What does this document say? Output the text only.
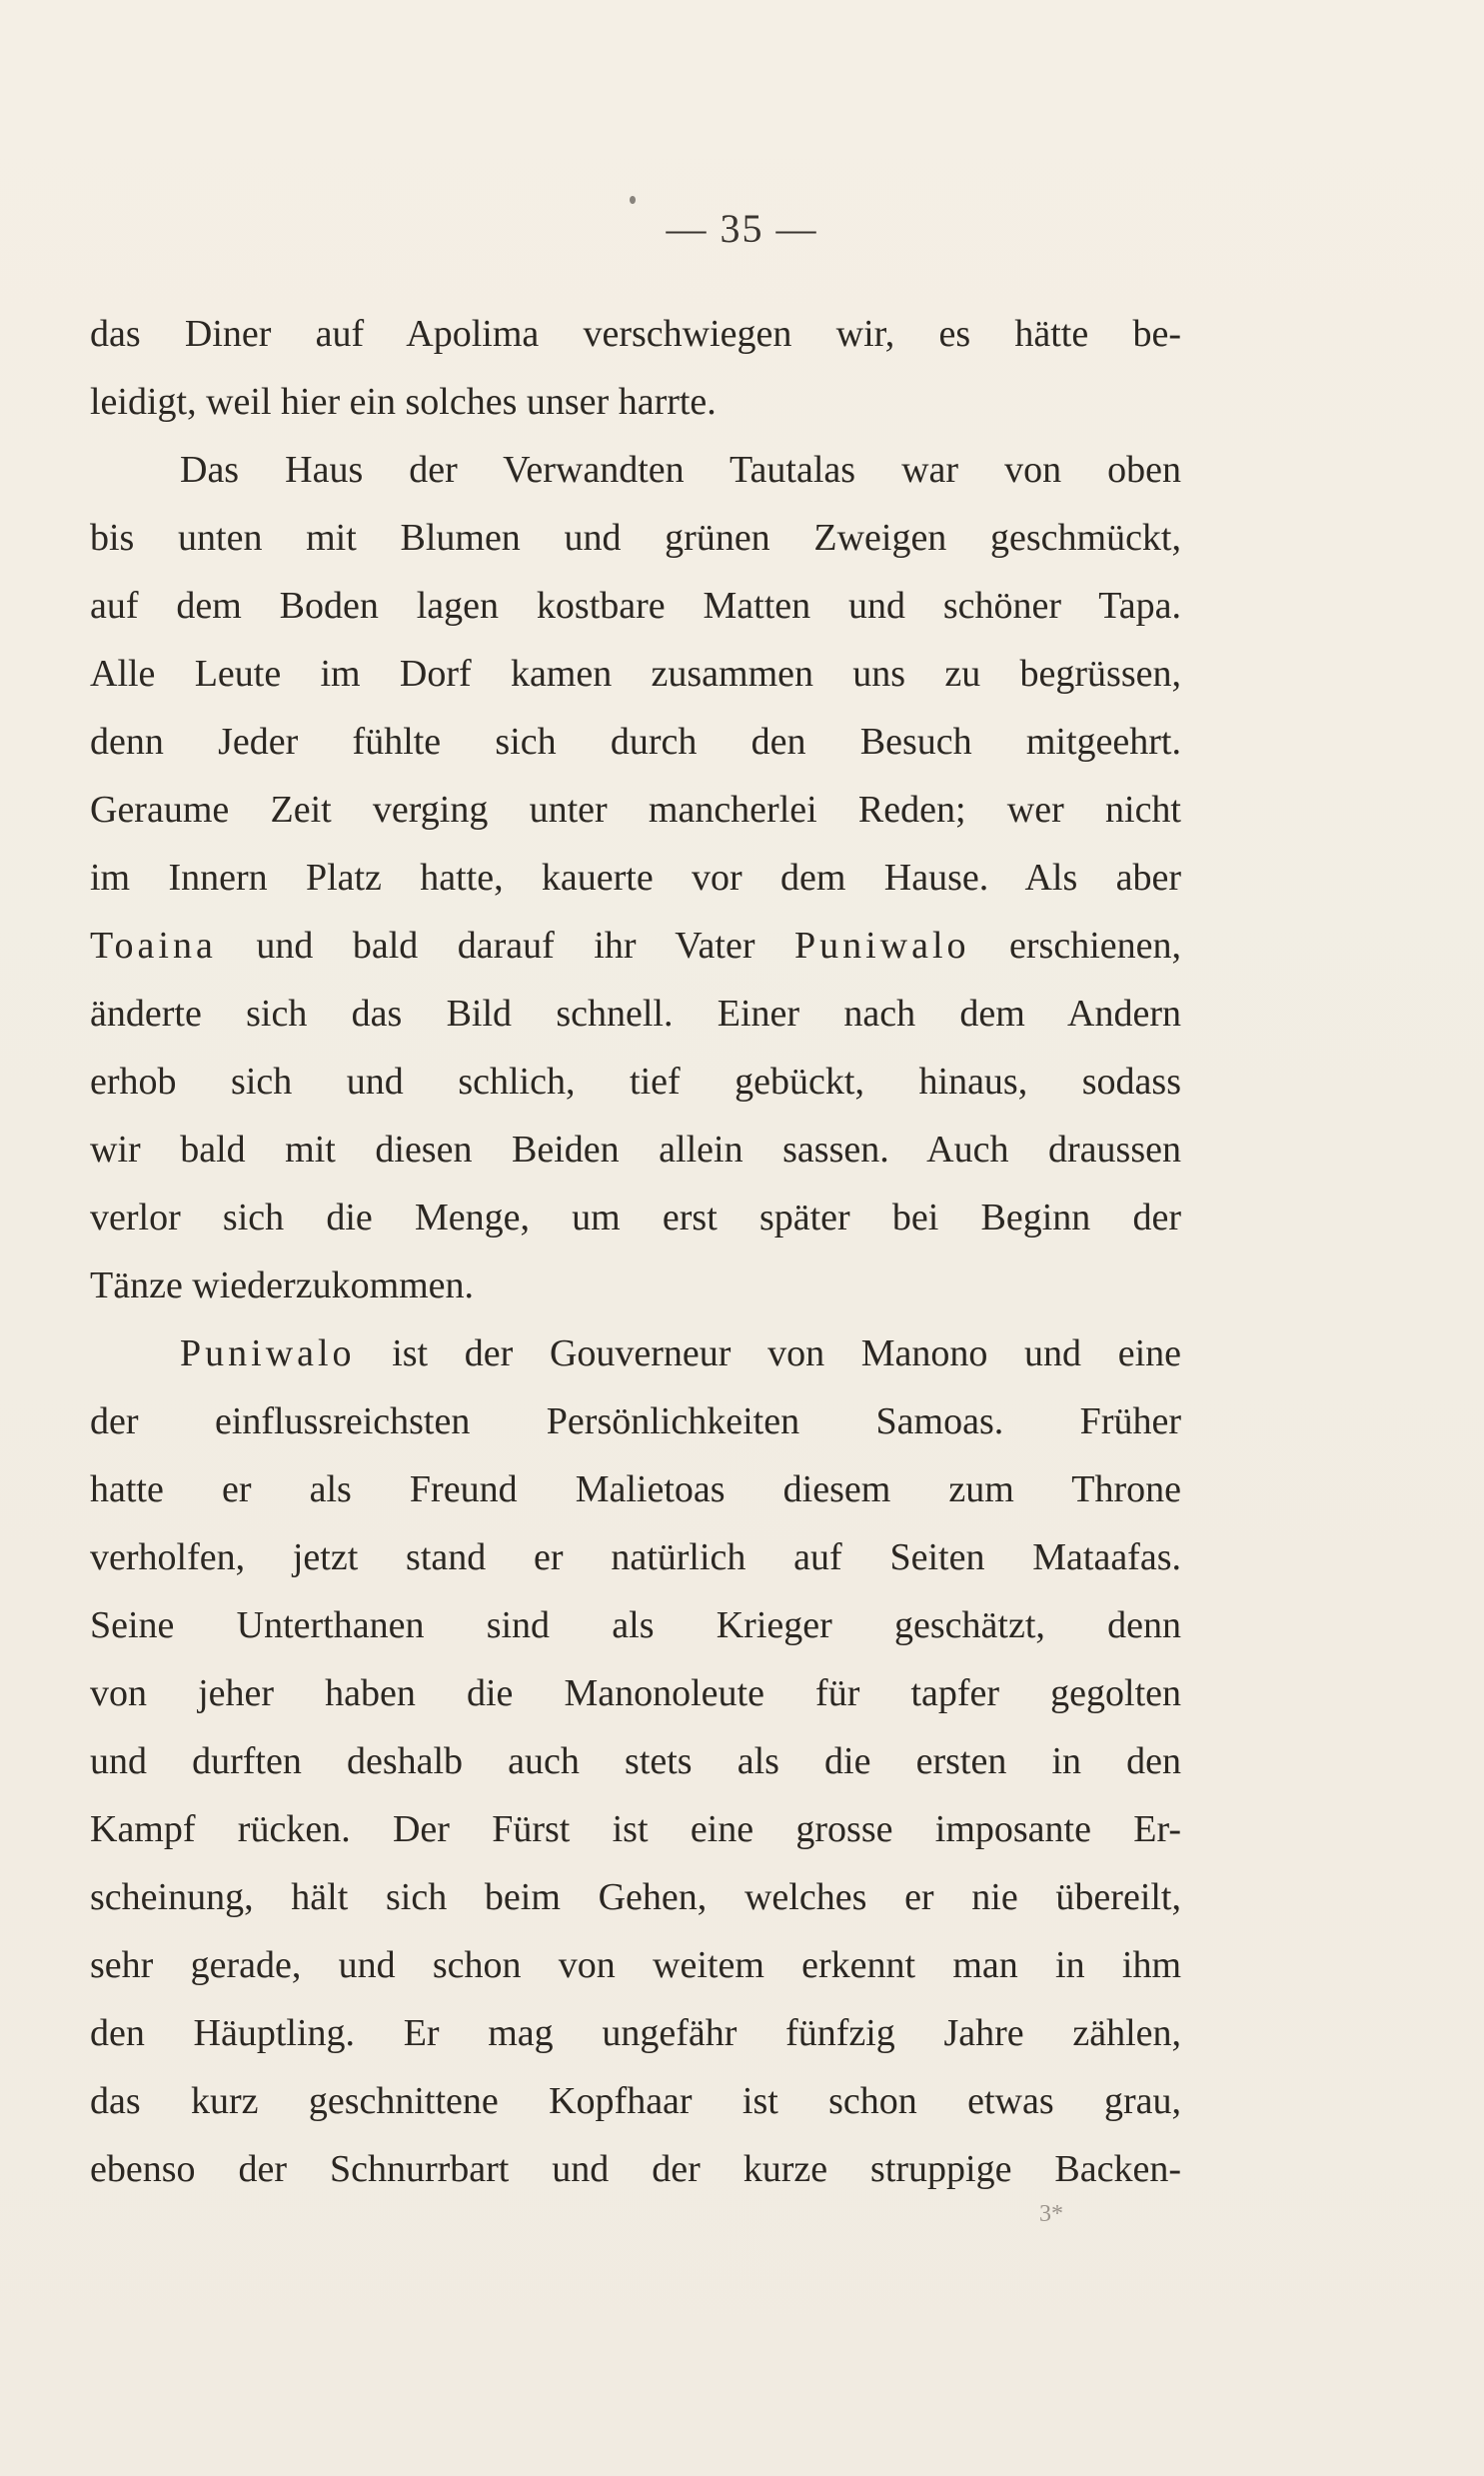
— 35 —
das Diner auf Apolima verschwiegen wir, es hätte be-
leidigt, weil hier ein solches unser harrte.
Das Haus der Verwandten Tautalas war von oben
bis unten mit Blumen und grünen Zweigen geschmückt,
auf dem Boden lagen kostbare Matten und schöner Tapa.
Alle Leute im Dorf kamen zusammen uns zu begrüssen,
denn Jeder fühlte sich durch den Besuch mitgeehrt.
Geraume Zeit verging unter mancherlei Reden; wer nicht
im Innern Platz hatte, kauerte vor dem Hause. Als aber
Toaina und bald darauf ihr Vater Puniwalo erschienen,
änderte sich das Bild schnell. Einer nach dem Andern
erhob sich und schlich, tief gebückt, hinaus, sodass
wir bald mit diesen Beiden allein sassen. Auch draussen
verlor sich die Menge, um erst später bei Beginn der
Tänze wiederzukommen.
Puniwalo ist der Gouverneur von Manono und eine
der einflussreichsten Persönlichkeiten Samoas. Früher
hatte er als Freund Malietoas diesem zum Throne
verholfen, jetzt stand er natürlich auf Seiten Mataafas.
Seine Unterthanen sind als Krieger geschätzt, denn
von jeher haben die Manonoleute für tapfer gegolten
und durften deshalb auch stets als die ersten in den
Kampf rücken. Der Fürst ist eine grosse imposante Er-
scheinung, hält sich beim Gehen, welches er nie übereilt,
sehr gerade, und schon von weitem erkennt man in ihm
den Häuptling. Er mag ungefähr fünfzig Jahre zählen,
das kurz geschnittene Kopfhaar ist schon etwas grau,
ebenso der Schnurrbart und der kurze struppige Backen-
3*
